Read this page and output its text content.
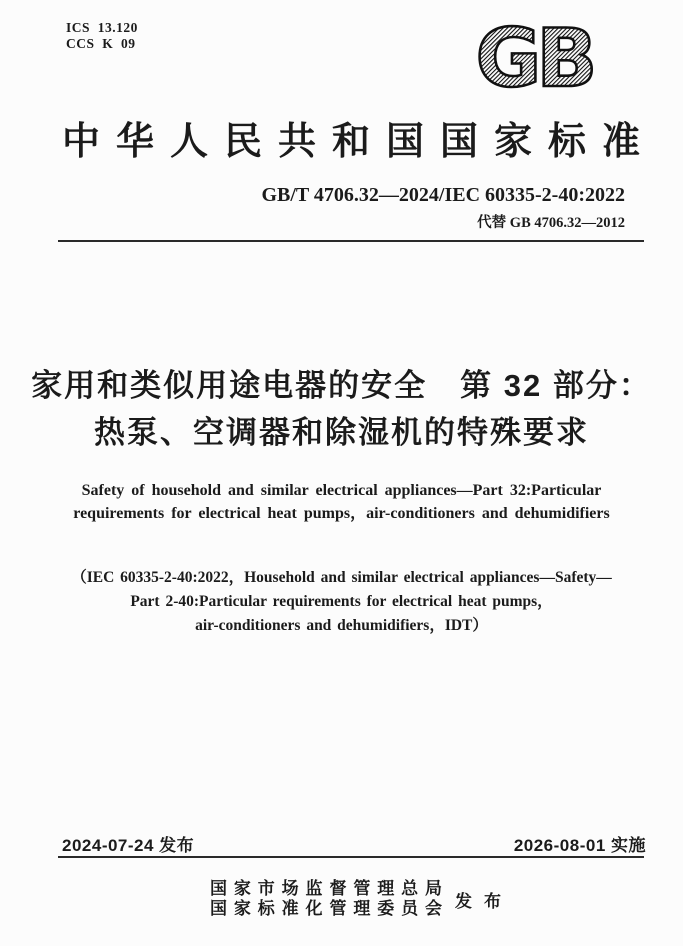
ICS  13.120
CCS  K  09	GB
中华人民共和国国家标准
GB/T 4706.32—2024/IEC 60335-2-40:2022
代替 GB 4706.32—2012
家用和类似用途电器的安全　第 32 部分：
热泵、空调器和除湿机的特殊要求
Safety of household and similar electrical appliances—Part 32:Particular
requirements for electrical heat pumps，air-conditioners and dehumidifiers
（IEC 60335-2-40:2022，Household and similar electrical appliances—Safety—
Part 2-40:Particular requirements for electrical heat pumps，
air-conditioners and dehumidifiers，IDT）
2024-07-24 发布	2026-08-01 实施
国家市场监督管理总局
国家标准化管理委员会 发布
